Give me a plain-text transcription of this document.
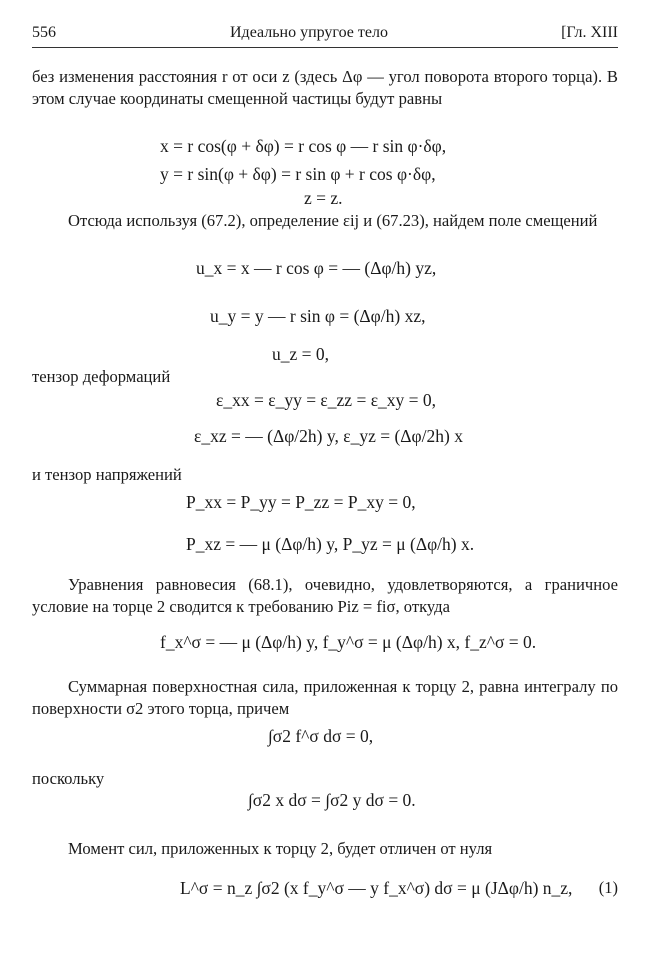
556	Идеально упругое тело	[Гл. XIII
без изменения расстояния r от оси z (здесь Δφ — угол поворота второго торца). В этом случае координаты смещенной частицы будут равны
x = r cos(φ + δφ) = r cos φ — r sin φ·δφ,
y = r sin(φ + δφ) = r sin φ + r cos φ·δφ,
z = z.
Отсюда используя (67.2), определение εij и (67.23), найдем поле смещений
u_x = x — r cos φ = — (Δφ/h) yz,
u_y = y — r sin φ = (Δφ/h) xz,
u_z = 0,
тензор деформаций
ε_xx = ε_yy = ε_zz = ε_xy = 0,
ε_xz = — (Δφ/2h) y, ε_yz = (Δφ/2h) x
и тензор напряжений
P_xx = P_yy = P_zz = P_xy = 0,
P_xz = — μ (Δφ/h) y, P_yz = μ (Δφ/h) x.
Уравнения равновесия (68.1), очевидно, удовлетворяются, а граничное условие на торце 2 сводится к требованию Piz = fiσ, откуда
f_x^σ = — μ (Δφ/h) y, f_y^σ = μ (Δφ/h) x, f_z^σ = 0.
Суммарная поверхностная сила, приложенная к торцу 2, равна интегралу по поверхности σ2 этого торца, причем
∫σ2 f^σ dσ = 0,
поскольку
∫σ2 x dσ = ∫σ2 y dσ = 0.
Момент сил, приложенных к торцу 2, будет отличен от нуля
L^σ = n_z ∫σ2 (x f_y^σ — y f_x^σ) dσ = μ (JΔφ/h) n_z, (1)
